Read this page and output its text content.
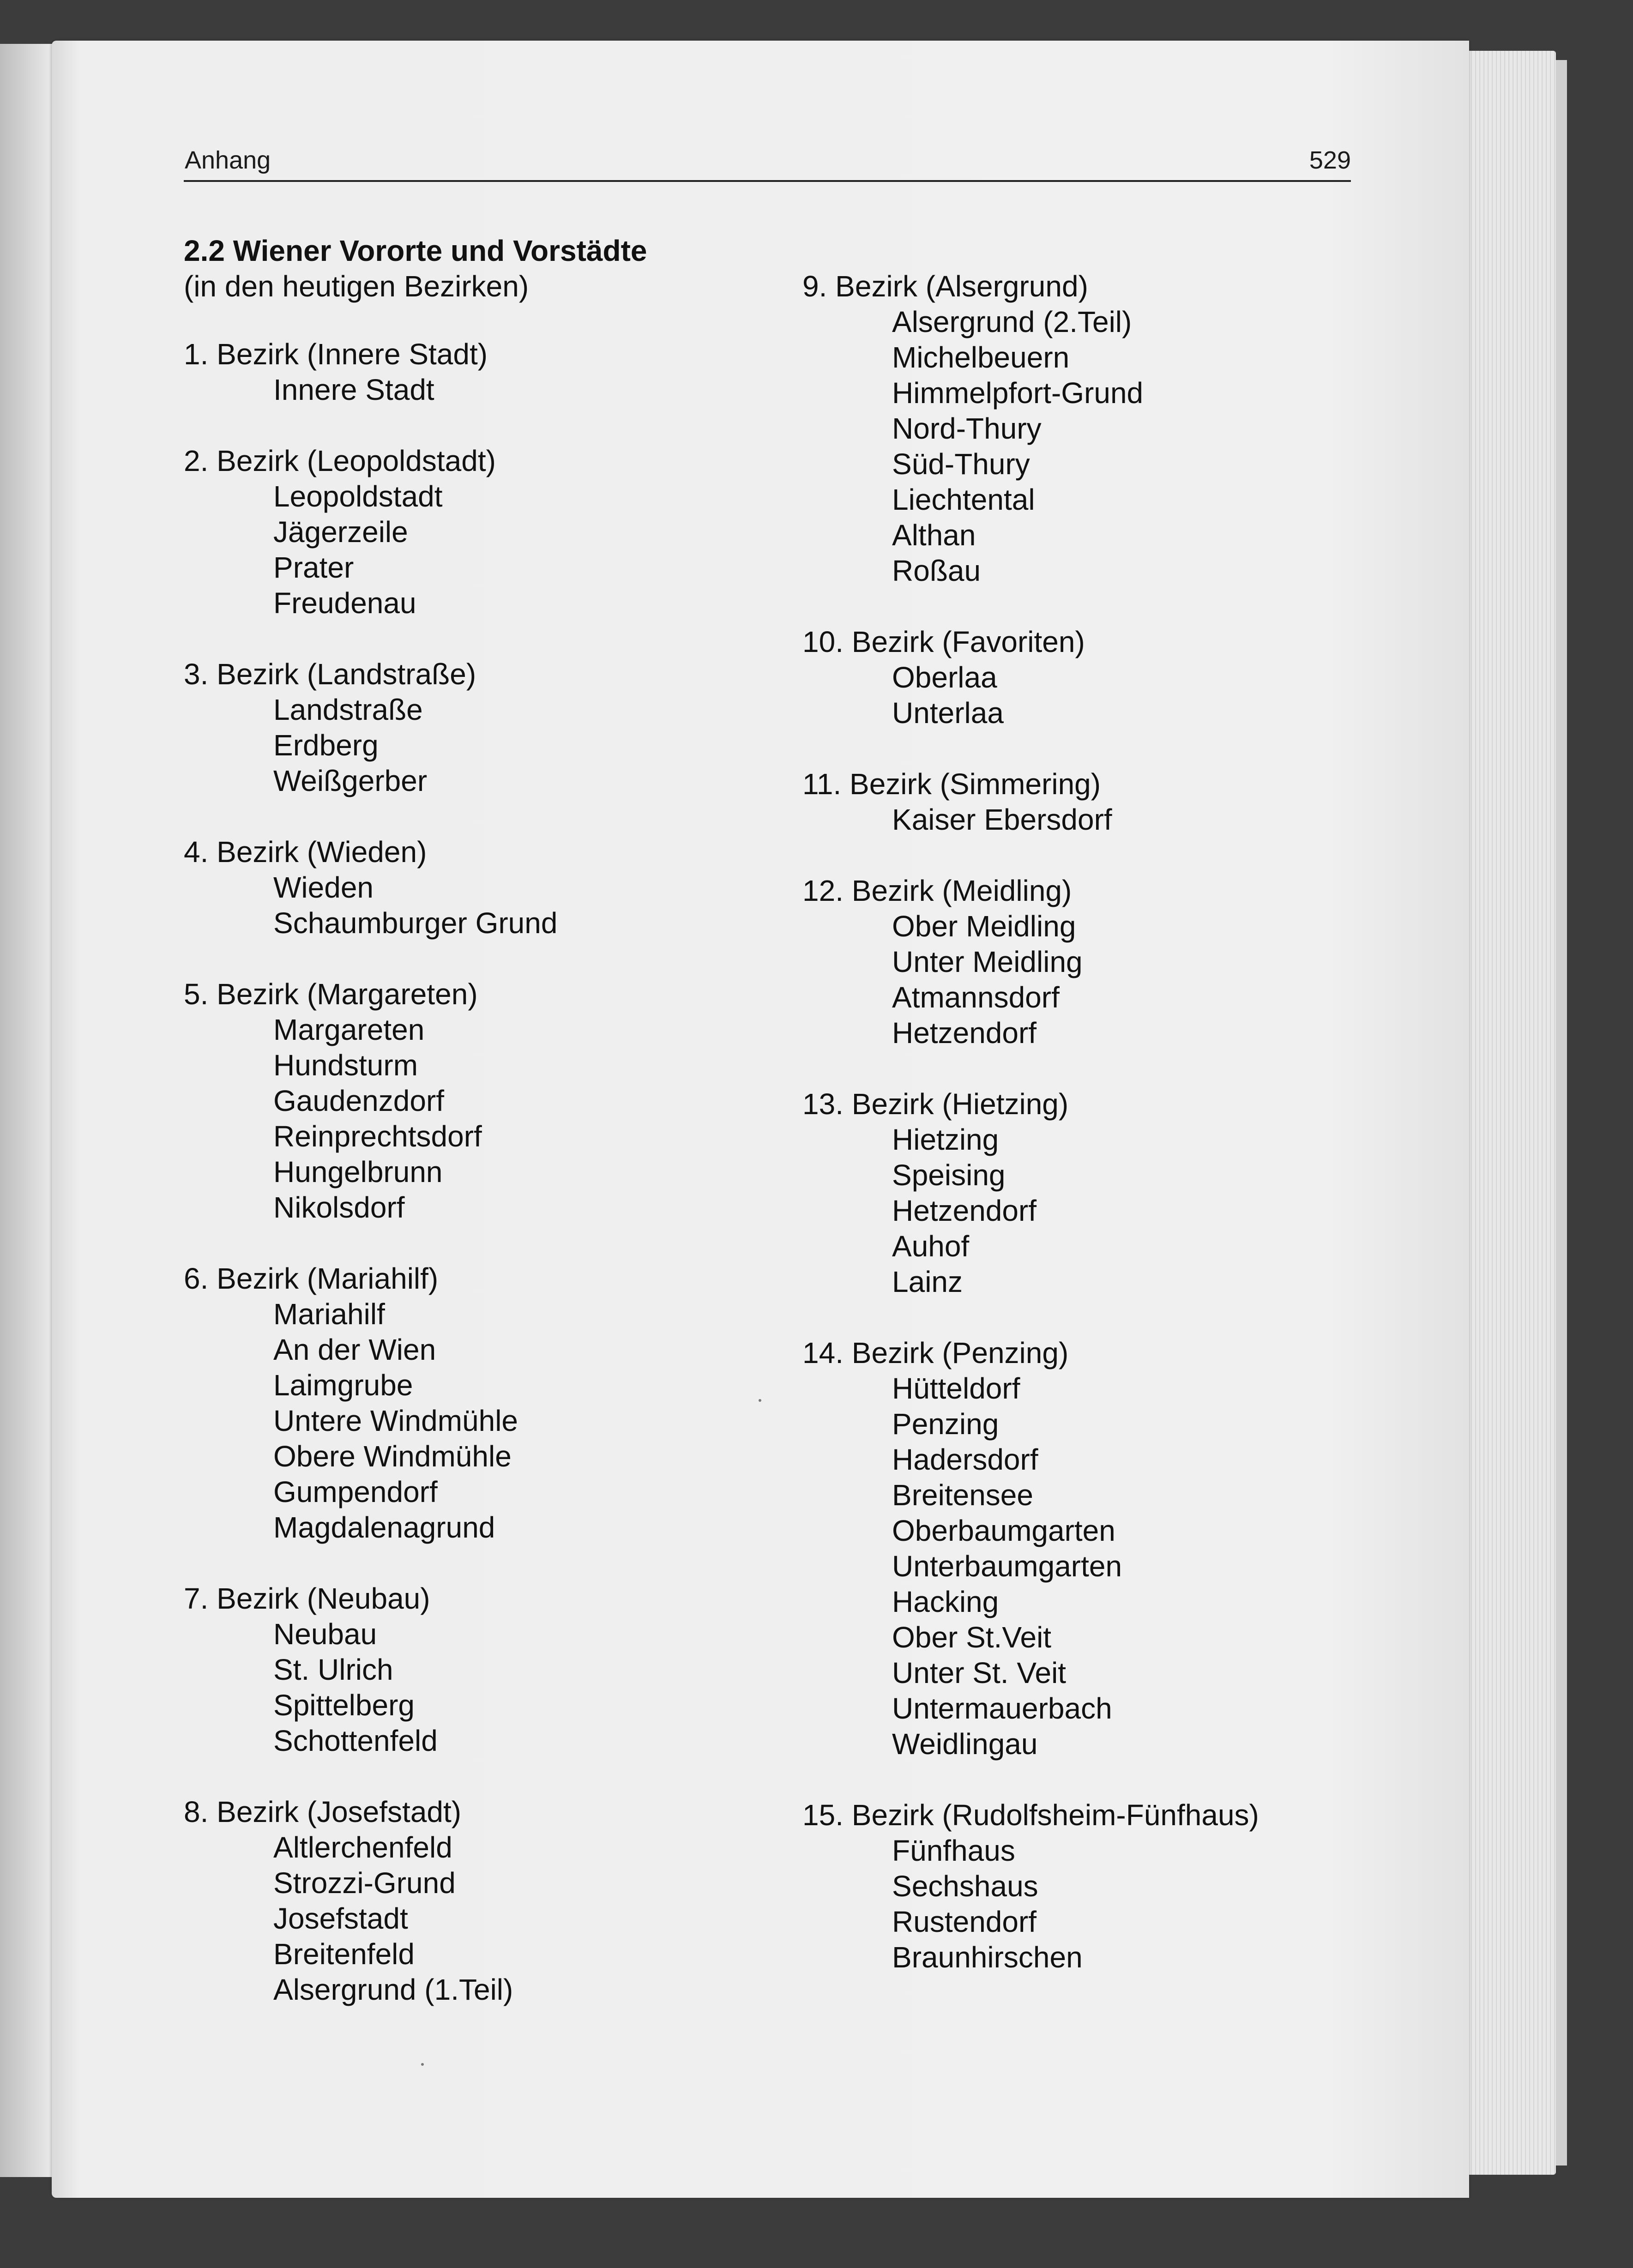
Anhang	529
2.2 Wiener Vororte und Vorstädte
(in den heutigen Bezirken)
1. Bezirk (Innere Stadt)
Innere Stadt
2. Bezirk (Leopoldstadt)
Leopoldstadt
Jägerzeile
Prater
Freudenau
3. Bezirk (Landstraße)
Landstraße
Erdberg
Weißgerber
4. Bezirk (Wieden)
Wieden
Schaumburger Grund
5. Bezirk (Margareten)
Margareten
Hundsturm
Gaudenzdorf
Reinprechtsdorf
Hungelbrunn
Nikolsdorf
6. Bezirk (Mariahilf)
Mariahilf
An der Wien
Laimgrube
Untere Windmühle
Obere Windmühle
Gumpendorf
Magdalenagrund
7. Bezirk (Neubau)
Neubau
St. Ulrich
Spittelberg
Schottenfeld
8. Bezirk (Josefstadt)
Altlerchenfeld
Strozzi-Grund
Josefstadt
Breitenfeld
Alsergrund (1.Teil)
9. Bezirk (Alsergrund)
Alsergrund (2.Teil)
Michelbeuern
Himmelpfort-Grund
Nord-Thury
Süd-Thury
Liechtental
Althan
Roßau
10. Bezirk (Favoriten)
Oberlaa
Unterlaa
11. Bezirk (Simmering)
Kaiser Ebersdorf
12. Bezirk (Meidling)
Ober Meidling
Unter Meidling
Atmannsdorf
Hetzendorf
13. Bezirk (Hietzing)
Hietzing
Speising
Hetzendorf
Auhof
Lainz
14. Bezirk (Penzing)
Hütteldorf
Penzing
Hadersdorf
Breitensee
Oberbaumgarten
Unterbaumgarten
Hacking
Ober St.Veit
Unter St. Veit
Untermauerbach
Weidlingau
15. Bezirk (Rudolfsheim-Fünfhaus)
Fünfhaus
Sechshaus
Rustendorf
Braunhirschen
